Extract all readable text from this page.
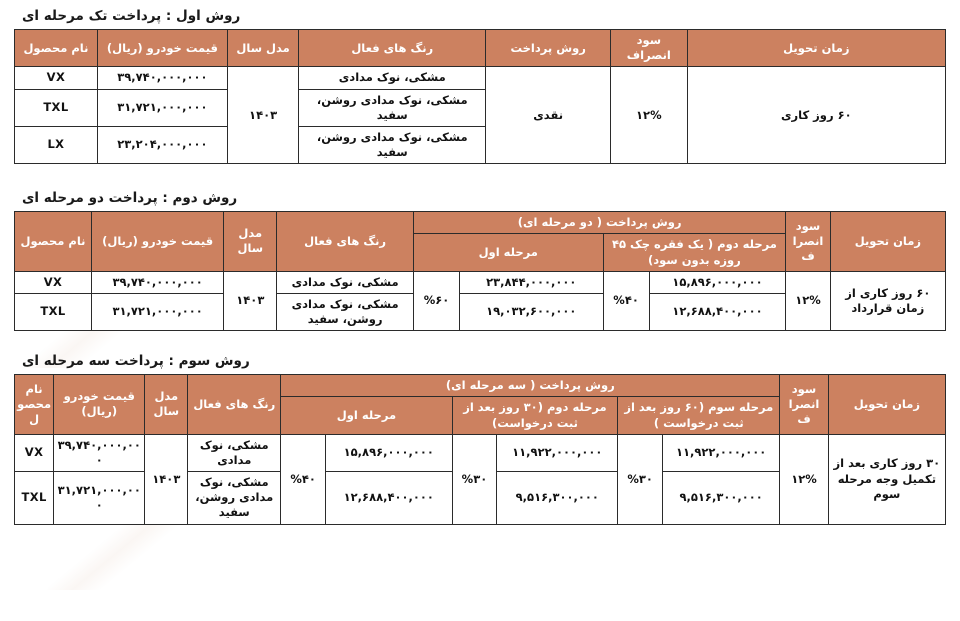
روش اول : پرداخت تک مرحله ای
زمان تحویل	سود انصراف	روش پرداخت	رنگ های فعال	مدل سال	قیمت خودرو (ریال)	نام محصول
۶۰ روز کاری	۱۲%	نقدی	مشکی، نوک مدادی	۱۴۰۳	۳۹,۷۴۰,۰۰۰,۰۰۰	VX
			مشکی، نوک مدادی روشن، سفید		۳۱,۷۲۱,۰۰۰,۰۰۰	TXL
			مشکی، نوک مدادی روشن، سفید		۲۳,۲۰۴,۰۰۰,۰۰۰	LX
روش دوم : پرداخت دو مرحله ای
زمان تحویل	سود انصراف	روش پرداخت ( دو مرحله ای)				رنگ های فعال	مدل سال	قیمت خودرو (ریال)	نام محصول
		مرحله دوم ( یک فقره چک ۴۵ روزه بدون سود)		مرحله اول					
۶۰ روز کاری از زمان قرارداد	۱۲%	۱۵,۸۹۶,۰۰۰,۰۰۰	%۴۰	۲۳,۸۴۴,۰۰۰,۰۰۰	%۶۰	مشکی، نوک مدادی	۱۴۰۳	۳۹,۷۴۰,۰۰۰,۰۰۰	VX
		۱۲,۶۸۸,۴۰۰,۰۰۰		۱۹,۰۳۲,۶۰۰,۰۰۰		مشکی، نوک مدادی روشن، سفید		۳۱,۷۲۱,۰۰۰,۰۰۰	TXL
روش سوم : پرداخت سه مرحله ای
زمان تحویل	سود انصراف	روش پرداخت ( سه مرحله ای)						رنگ های فعال	مدل سال	قیمت خودرو (ریال)	نام محصول
		مرحله سوم (۶۰ روز بعد از ثبت درخواست )		مرحله دوم (۳۰ روز بعد از ثبت درخواست)		مرحله اول					
۳۰ روز کاری بعد از تکمیل وجه مرحله سوم	۱۲%	۱۱,۹۲۲,۰۰۰,۰۰۰	%۳۰	۱۱,۹۲۲,۰۰۰,۰۰۰	%۳۰	۱۵,۸۹۶,۰۰۰,۰۰۰	%۴۰	مشکی، نوک مدادی	۱۴۰۳	۳۹,۷۴۰,۰۰۰,۰۰۰	VX
		۹,۵۱۶,۳۰۰,۰۰۰		۹,۵۱۶,۳۰۰,۰۰۰		۱۲,۶۸۸,۴۰۰,۰۰۰		مشکی، نوک مدادی روشن، سفید		۳۱,۷۲۱,۰۰۰,۰۰۰	TXL
